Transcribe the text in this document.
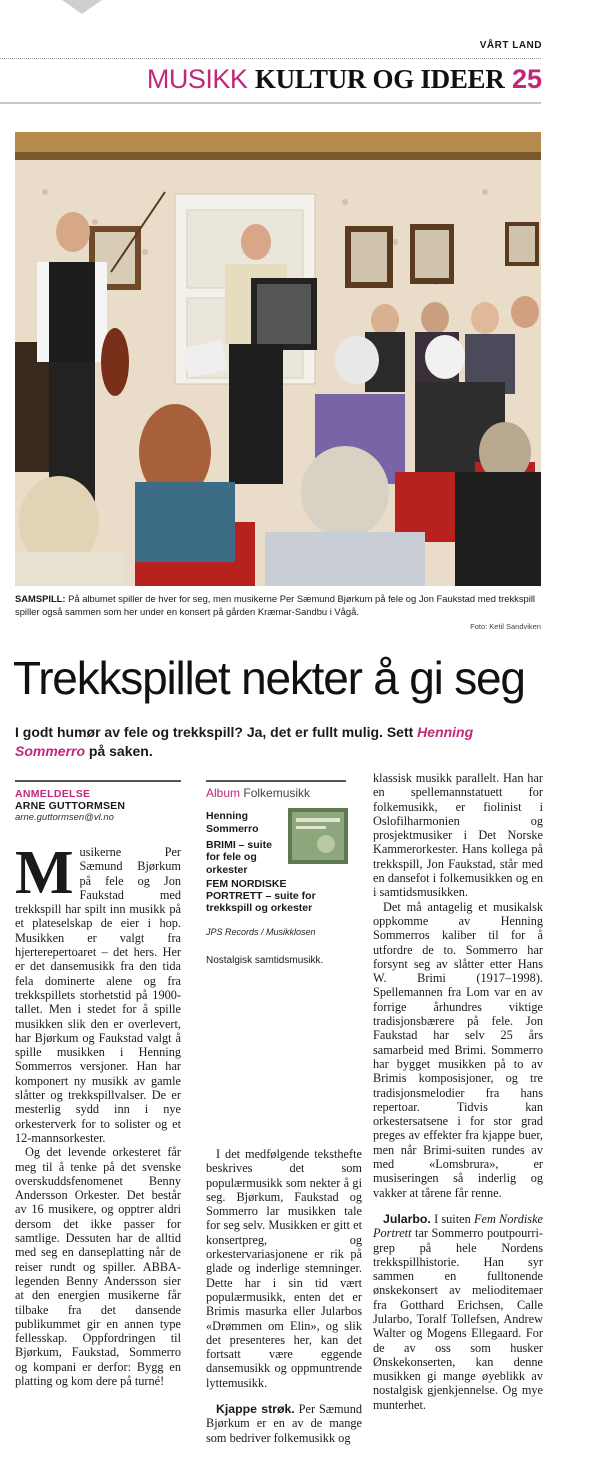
VÅRT LAND
MUSIKK KULTUR OG IDEER 25
SAMSPILL: På albumet spiller de hver for seg, men musikerne Per Sæmund Bjørkum på fele og Jon Faukstad med trekkspill spiller også sammen som her under en konsert på gården Kræmar-Sandbu i Vågå.
Foto: Ketil Sandviken
Trekkspillet nekter å gi seg
I godt humør av fele og trekkspill? Ja, det er fullt mulig. Sett Henning Sommerro på saken.
ANMELDELSE
ARNE GUTTORMSEN
arne.guttormsen@vl.no

Musikerne Per Sæmund Bjørkum på fele og Jon Faukstad med trekkspill har spilt inn musikk på et plateselskap de eier i hop. Musikken er valgt fra hjerterepertoaret – det hers. Her er det dansemusikk fra den tida fela dominerte alene og fra trekkspillets storhetstid på 1900-tallet. Men i stedet for å spille musikken slik den er overlevert, har Bjørkum og Faukstad valgt å spille musikken i Henning Sommerros versjoner. Han har komponert ny musikk av gamle slåtter og trekkspillvalser. De er mesterlig sydd inn i nye orkesterverk for to solister og et 12-mannsorkester.

Og det levende orkesteret får meg til å tenke på det svenske overskuddsfenomenet Benny Andersson Orkester. Det består av 16 musikere, og opptrer aldri dersom det ikke passer for samtlige. Dessuten har de alltid med seg en danseplatting når de reiser rundt og spiller. ABBA-legenden Benny Andersson sier at den energien musikerne får tilbake fra det dansende publikummet gir en annen type fellesskap. Oppfordringen til Bjørkum, Faukstad, Sommerro og kompani er derfor: Bygg en platting og kom dere på turné!

Album Folkemusikk
Henning Sommerro
BRIMI – suite for fele og orkester
FEM NORDISKE PORTRETT – suite for trekkspill og orkester
JPS Records / Musikklosen
Nostalgisk samtidsmusikk.

I det medfølgende teksthefte beskrives det som populærmusikk som nekter å gi seg. Bjørkum, Faukstad og Sommerro lar musikken tale for seg selv. Musikken er gitt et konsertpreg, og orkestervariasjonene er rik på glade og inderlige stemninger. Dette har i sin tid vært populærmusikk, enten det er Brimis masurka eller Jularbos «Drømmen om Elin», og slik det presenteres her, kan det fortsatt være eggende dansemusikk og oppmuntrende lyttemusikk.

Kjappe strøk. Per Sæmund Bjørkum er en av de mange som bedriver folkemusikk og

klassisk musikk parallelt. Han har en spellemannstatuett for folkemusikk, er fiolinist i Oslofilharmonien og prosjektmusiker i Det Norske Kammerorkester. Hans kollega på trekkspill, Jon Faukstad, står med en dansefot i folkemusikken og en i samtidsmusikken.

Det må antagelig et musikalsk oppkomme av Henning Sommerros kaliber til for å utfordre de to. Sommerro har forsynt seg av slåtter etter Hans W. Brimi (1917–1998). Spellemannen fra Lom var en av forrige århundres viktige tradisjonsbærere på fele. Jon Faukstad har selv 25 års samarbeid med Brimi. Sommerro har bygget musikken på to av Brimis komposisjoner, og tre tradisjonsmelodier fra hans repertoar. Tidvis kan orkestersatsene i for stor grad preges av effekter fra kjappe buer, men når Brimi-suiten rundes av med «Lomsbrura», er musiseringen så inderlig og vakker at tårene får renne.

Jularbo. I suiten Fem Nordiske Portrett tar Sommerro poutpourri-grep på hele Nordens trekkspillhistorie. Han syr sammen en fulltonende ønskekonsert av melioditemaer fra Gotthard Erichsen, Calle Jularbo, Toralf Tollefsen, Andrew Walter og Mogens Ellegaard. For de av oss som husker Ønskekonserten, kan denne musikken gi mange øyeblikk av nostalgisk gjenkjennelse. Og mye munterhet.
